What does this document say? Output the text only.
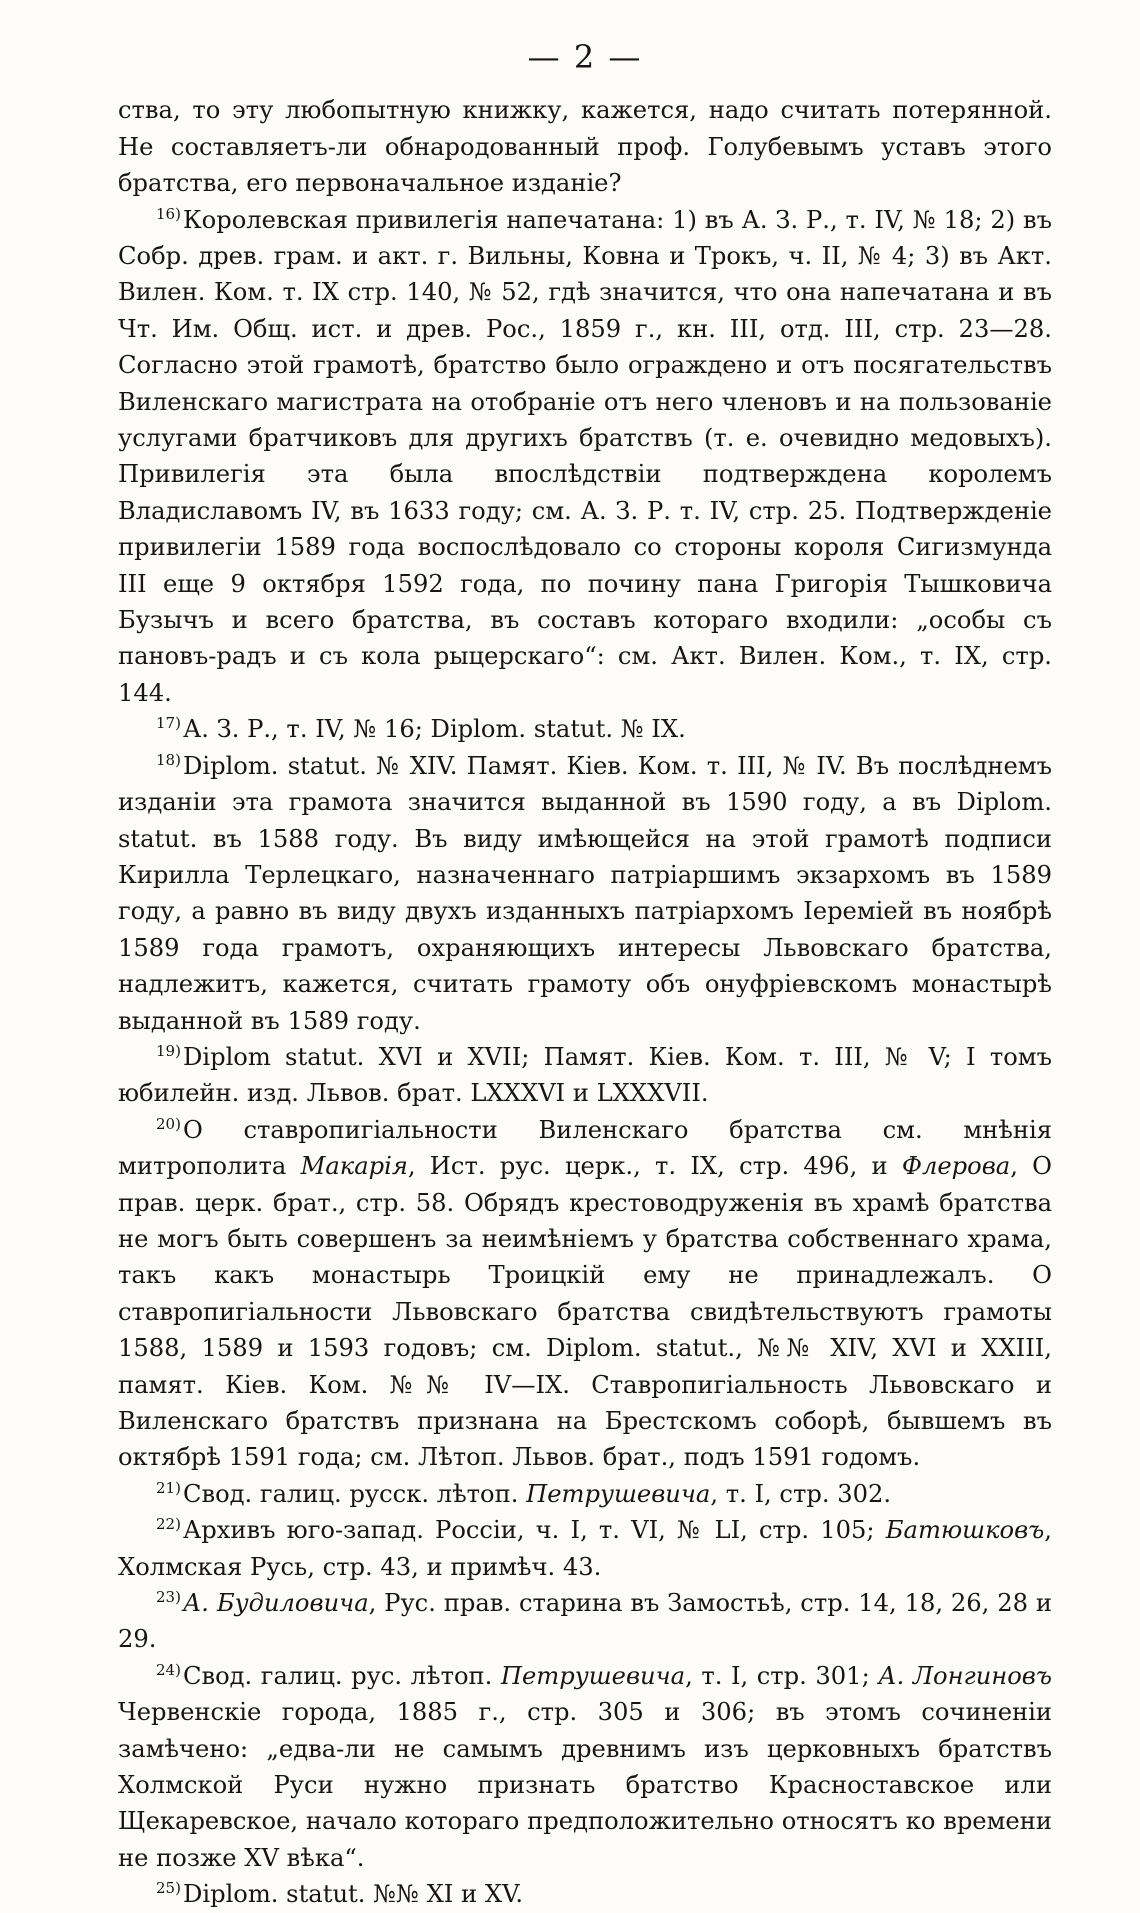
— 2 —

ства, то эту любопытную книжку, кажется, надо считать потерянной. Не составляетъ-ли обнародованный проф. Голубевымъ уставъ этого братства, его первоначальное изданіе?

$^{16)}$Королевская привилегія напечатана: 1) въ А. З. Р., т. IV, № 18; 2) въ Собр. древ. грам. и акт. г. Вильны, Ковна и Трокъ, ч. II, № 4; 3) въ Акт. Вилен. Ком. т. IX стр. 140, № 52, гдѣ значится, что она напечатана и въ Чт. Им. Общ. ист. и древ. Рос., 1859 г., кн. III, отд. III, стр. 23—28. Согласно этой грамотѣ, братство было ограждено и отъ посягательствъ Виленскаго магистрата на отобраніе отъ него членовъ и на пользованіе услугами братчиковъ для другихъ братствъ (т. е. очевидно медовыхъ). Привилегія эта была впослѣдствіи подтверждена королемъ Владиславомъ IV, въ 1633 году; см. А. З. Р. т. IV, стр. 25. Подтвержденіе привилегіи 1589 года воспослѣдовало со стороны короля Сигизмунда III еще 9 октября 1592 года, по почину пана Григорія Тышковича Бузычъ и всего братства, въ составъ котораго входили: „особы съ пановъ-радъ и съ кола рыцерскаго“: см. Акт. Вилен. Ком., т. IX, стр. 144.

$^{17)}$А. З. Р., т. IV, № 16; Diplom. statut. № IX.

$^{18)}$Diplom. statut. № XIV. Памят. Кіев. Ком. т. III, № IV. Въ послѣднемъ изданіи эта грамота значится выданной въ 1590 году, а въ Diplom. statut. въ 1588 году. Въ виду имѣющейся на этой грамотѣ подписи Кирилла Терлецкаго, назначеннаго патріаршимъ экзархомъ въ 1589 году, а равно въ виду двухъ изданныхъ патріархомъ Іеремiей въ ноябрѣ 1589 года грамотъ, охраняющихъ интересы Львовскаго братства, надлежитъ, кажется, считать грамоту объ онуфріевскомъ монастырѣ выданной въ 1589 году.

$^{19)}$Diplom statut. XVI и XVII; Памят. Кіев. Ком. т. III, № V; I томъ юбилейн. изд. Львов. брат. LXXXVI и LXXXVII.

$^{20)}$О ставропигіальности Виленскаго братства см. мнѣнія митрополита Макарія, Ист. рус. церк., т. IX, стр. 496, и Флерова, О прав. церк. брат., стр. 58. Обрядъ крестоводруженія въ храмѣ братства не могъ быть совершенъ за неимѣніемъ у братства собственнаго храма, такъ какъ монастырь Троицкій ему не принадлежалъ. О ставропигіальности Львовскаго братства свидѣтельствуютъ грамоты 1588, 1589 и 1593 годовъ; см. Diplom. statut., №№ XIV, XVI и XXIII, памят. Кіев. Ком. №№ IV—IX. Ставропигіальность Львовскаго и Виленскаго братствъ признана на Брестскомъ соборѣ, бывшемъ въ октябрѣ 1591 года; см. Лѣтоп. Львов. брат., подъ 1591 годомъ.

$^{21)}$Свод. галиц. русск. лѣтоп. Петрушевича, т. I, стр. 302.

$^{22)}$Архивъ юго-запад. Россіи, ч. I, т. VI, № LI, стр. 105; Батюшковъ, Холмская Русь, стр. 43, и примѣч. 43.

$^{23)}$А. Будиловича, Рус. прав. старина въ Замостьѣ, стр. 14, 18, 26, 28 и 29.

$^{24)}$Свод. галиц. рус. лѣтоп. Петрушевича, т. I, стр. 301; А. Лонгиновъ Червенскіе города, 1885 г., стр. 305 и 306; въ этомъ сочиненіи замѣчено: „едва-ли не самымъ древнимъ изъ церковныхъ братствъ Холмской Руси нужно признать братство Красноставское или Щекаревское, начало котораго предположительно относятъ ко времени не позже XV вѣка“.

$^{25)}$Diplom. statut. №№ XI и XV.
